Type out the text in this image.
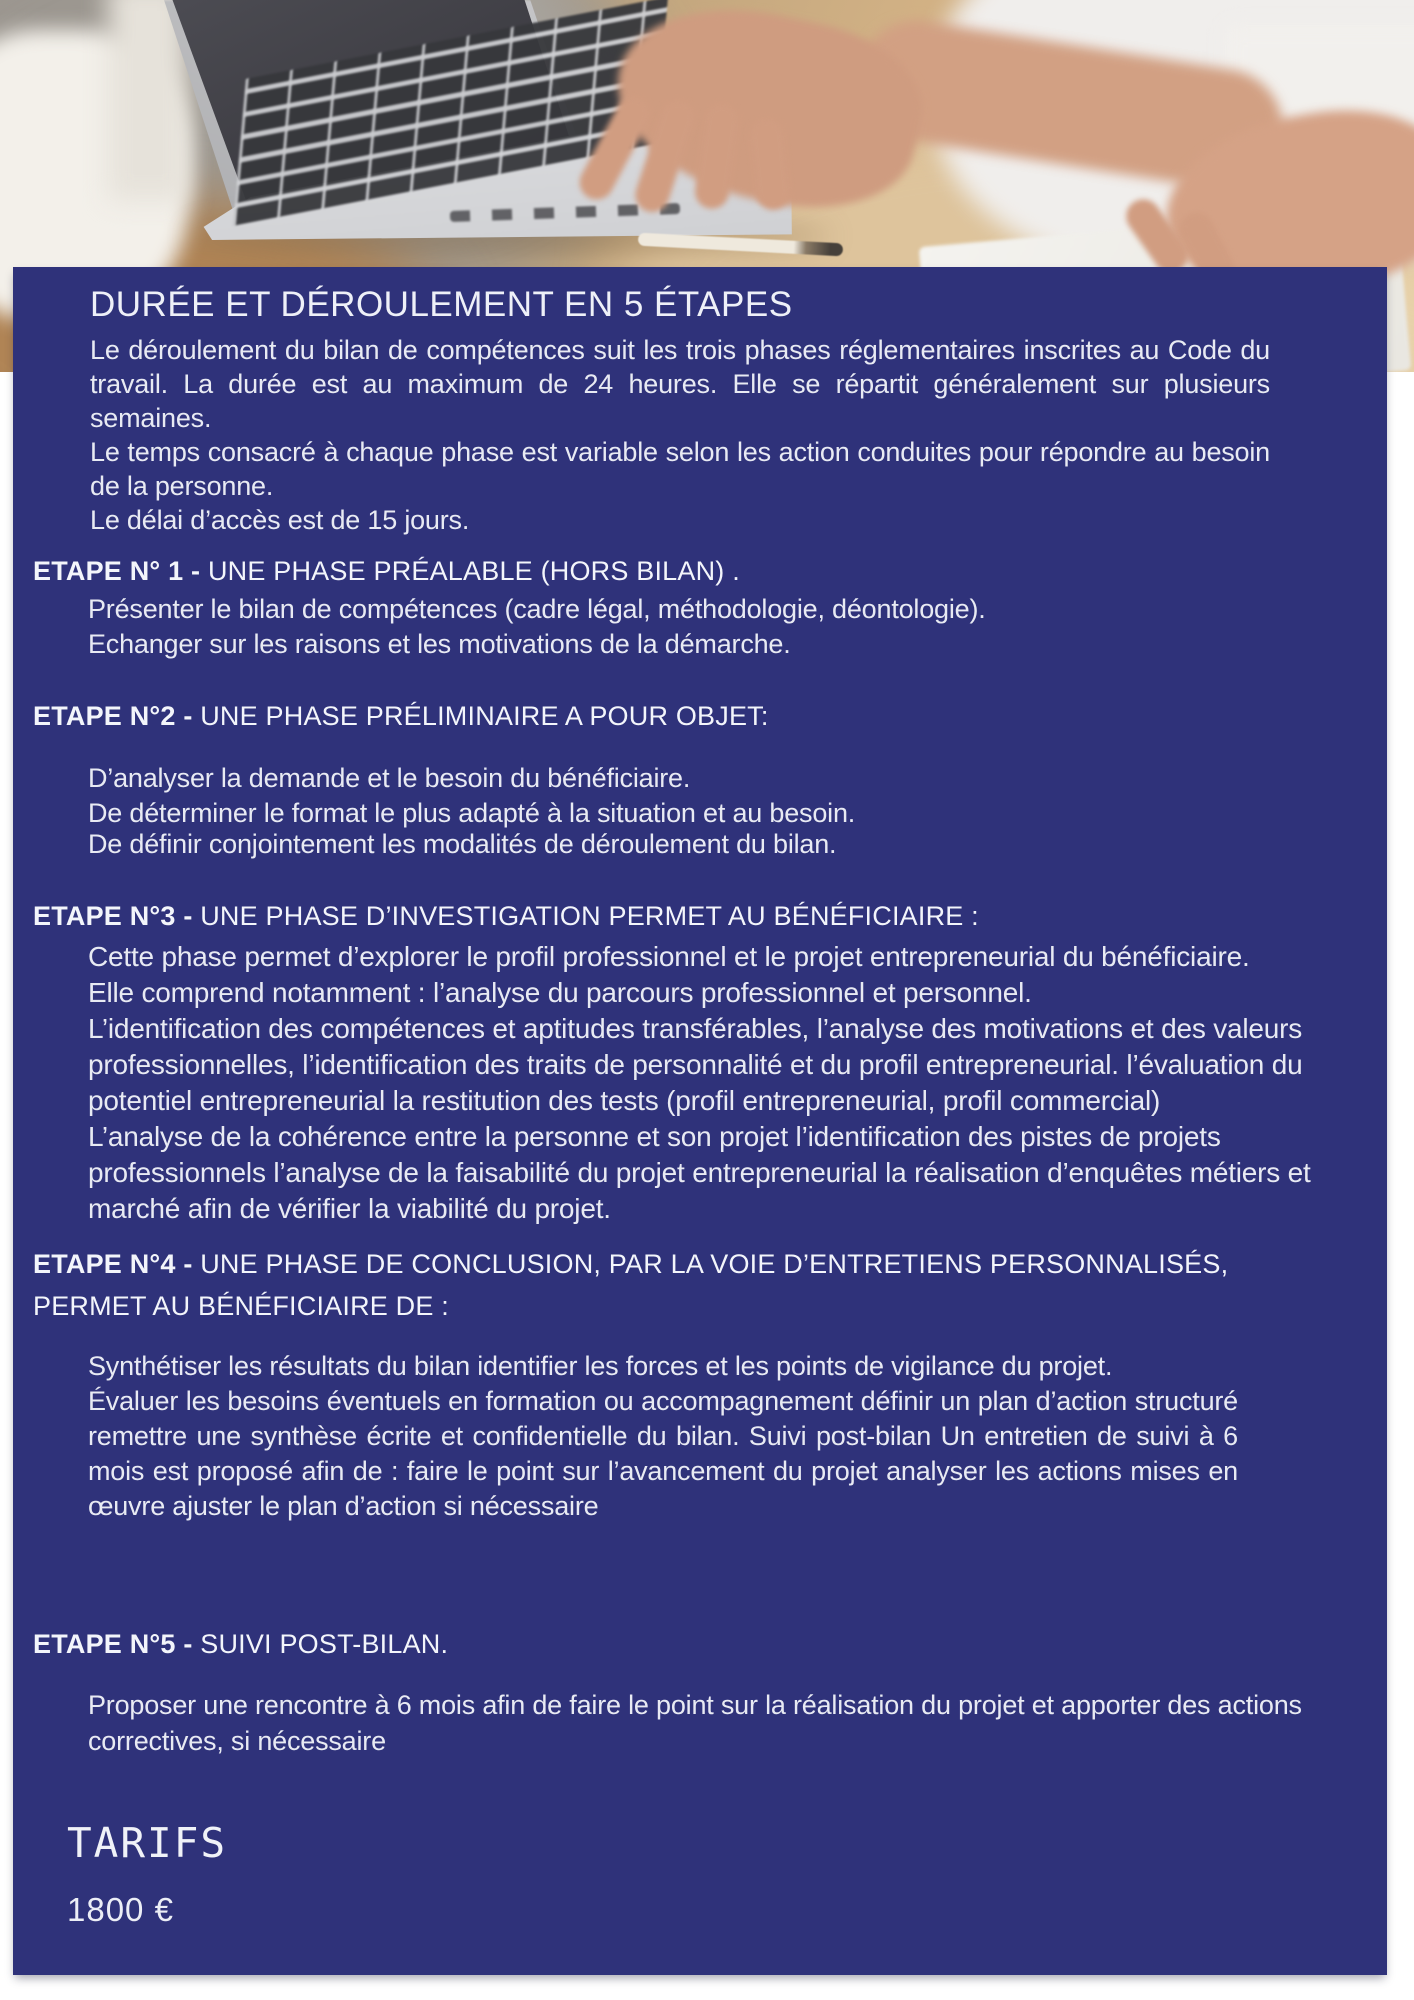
DURÉE ET DÉROULEMENT EN 5 ÉTAPES

Le déroulement du bilan de compétences suit les trois phases réglementaires inscrites au Code du travail. La durée est au maximum de 24 heures. Elle se répartit généralement sur plusieurs semaines.

Le temps consacré à chaque phase est variable selon les action conduites pour répondre au besoin de la personne.

Le délai d’accès est de 15 jours.

ETAPE N° 1 - UNE PHASE PRÉALABLE (HORS BILAN) .

Présenter le bilan de compétences (cadre légal, méthodologie, déontologie).

Echanger sur les raisons et les motivations de la démarche.

ETAPE N°2 - UNE PHASE PRÉLIMINAIRE A POUR OBJET:

D’analyser la demande et le besoin du bénéficiaire.

De déterminer le format le plus adapté à la situation et au besoin.

De définir conjointement les modalités de déroulement du bilan.

ETAPE N°3 - UNE PHASE D’INVESTIGATION PERMET AU BÉNÉFICIAIRE :

Cette phase permet d’explorer le profil professionnel et le projet entrepreneurial du bénéficiaire.

Elle comprend notamment : l’analyse du parcours professionnel et personnel.

L’identification des compétences et aptitudes transférables, l’analyse des motivations et des valeurs professionnelles, l’identification des traits de personnalité et du profil entrepreneurial. l’évaluation du potentiel entrepreneurial la restitution des tests (profil entrepreneurial, profil commercial)

L’analyse de la cohérence entre la personne et son projet l’identification des pistes de projets professionnels l’analyse de la faisabilité du projet entrepreneurial la réalisation d’enquêtes métiers et marché afin de vérifier la viabilité du projet.

ETAPE N°4 - UNE PHASE DE CONCLUSION, PAR LA VOIE D’ENTRETIENS PERSONNALISÉS, PERMET AU BÉNÉFICIAIRE DE :

Synthétiser les résultats du bilan identifier les forces et les points de vigilance du projet.

Évaluer les besoins éventuels en formation ou accompagnement définir un plan d’action structuré remettre une synthèse écrite et confidentielle du bilan. Suivi post-bilan Un entretien de suivi à 6 mois est proposé afin de : faire le point sur l’avancement du projet analyser les actions mises en œuvre ajuster le plan d’action si nécessaire

ETAPE N°5 - SUIVI POST-BILAN.

Proposer une rencontre à 6 mois afin de faire le point sur la réalisation du projet et apporter des actions correctives, si nécessaire

TARIFS
1800 €
